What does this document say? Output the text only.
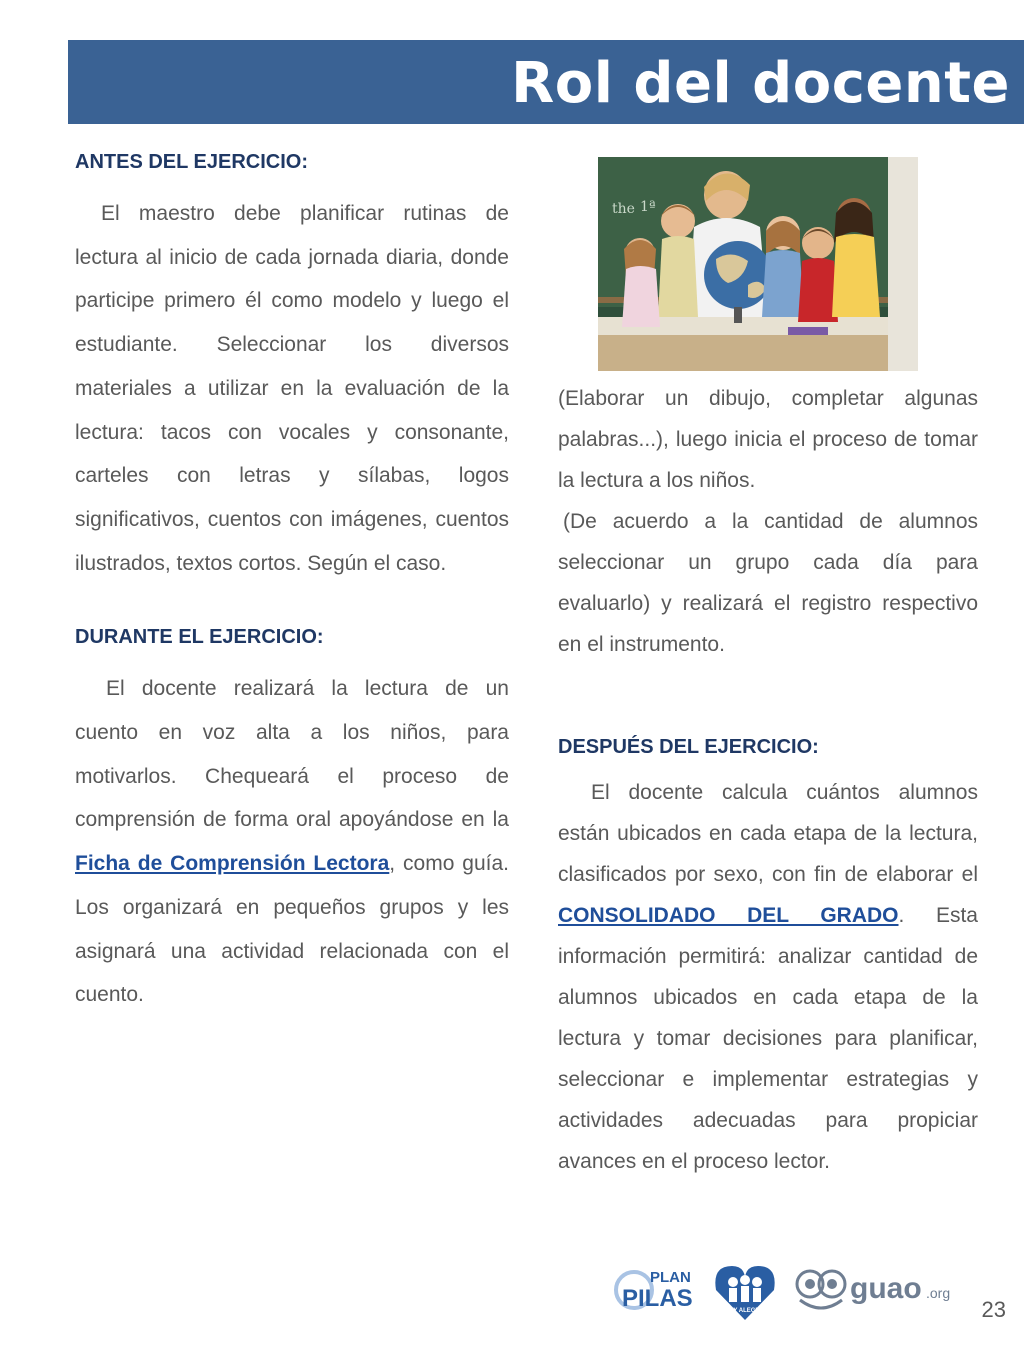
Rol del docente
ANTES DEL EJERCICIO:

El maestro debe planificar rutinas de lectura al inicio de cada jornada diaria, donde participe primero él como modelo y luego el estudiante. Seleccionar los diversos materiales a utilizar en la evaluación de la lectura: tacos con vocales y consonante, carteles con letras y sílabas, logos significativos, cuentos con imágenes, cuentos ilustrados, textos cortos. Según el caso.

DURANTE EL EJERCICIO:

El docente realizará la lectura de un cuento en voz alta a los niños, para motivarlos. Chequeará el proceso de comprensión de forma oral apoyándose en la Ficha de Comprensión Lectora, como guía. Los organizará en pequeños grupos y les asignará una actividad relacionada con el cuento.

the 1ª

(Elaborar un dibujo, completar algunas palabras...), luego inicia el proceso de tomar la lectura a los niños.

(De acuerdo a la cantidad de alumnos seleccionar un grupo cada día para evaluarlo) y realizará el registro respectivo en el instrumento.

DESPUÉS DEL EJERCICIO:

El docente calcula cuántos alumnos están ubicados en cada etapa de la lectura, clasificados por sexo, con fin de elaborar el CONSOLIDADO DEL GRADO. Esta información permitirá: analizar cantidad de alumnos ubicados en cada etapa de la lectura y tomar decisiones para planificar, seleccionar e implementar estrategias y actividades adecuadas para propiciar avances en el proceso lector.

PLAN
PILAS	FE Y ALEGRÍA
guao .org
23
